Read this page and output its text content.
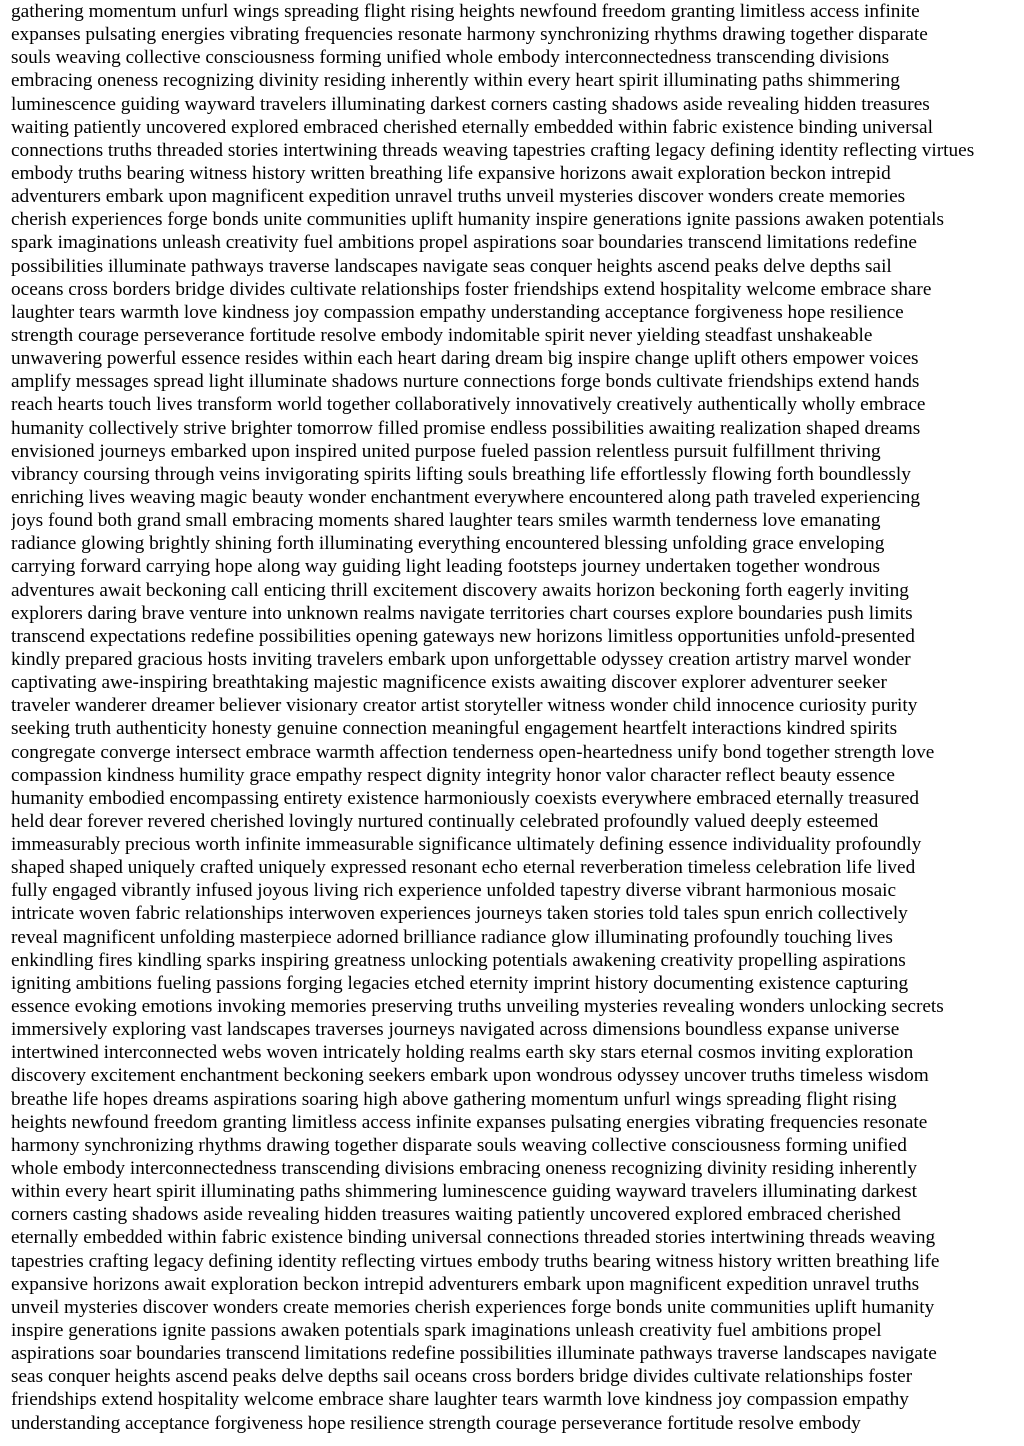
gathering momentum unfurl wings spreading flight rising heights newfound freedom granting limitless access infinite
expanses pulsating energies vibrating frequencies resonate harmony synchronizing rhythms drawing together disparate
souls weaving collective consciousness forming unified whole embody interconnectedness transcending divisions
embracing oneness recognizing divinity residing inherently within every heart spirit illuminating paths shimmering
luminescence guiding wayward travelers illuminating darkest corners casting shadows aside revealing hidden treasures
waiting patiently uncovered explored embraced cherished eternally embedded within fabric existence binding universal
connections truths threaded stories intertwining threads weaving tapestries crafting legacy defining identity reflecting virtues
embody truths bearing witness history written breathing life expansive horizons await exploration beckon intrepid
adventurers embark upon magnificent expedition unravel truths unveil mysteries discover wonders create memories
cherish experiences forge bonds unite communities uplift humanity inspire generations ignite passions awaken potentials
spark imaginations unleash creativity fuel ambitions propel aspirations soar boundaries transcend limitations redefine
possibilities illuminate pathways traverse landscapes navigate seas conquer heights ascend peaks delve depths sail
oceans cross borders bridge divides cultivate relationships foster friendships extend hospitality welcome embrace share
laughter tears warmth love kindness joy compassion empathy understanding acceptance forgiveness hope resilience
strength courage perseverance fortitude resolve embody indomitable spirit never yielding steadfast unshakeable
unwavering powerful essence resides within each heart daring dream big inspire change uplift others empower voices
amplify messages spread light illuminate shadows nurture connections forge bonds cultivate friendships extend hands
reach hearts touch lives transform world together collaboratively innovatively creatively authentically wholly embrace
humanity collectively strive brighter tomorrow filled promise endless possibilities awaiting realization shaped dreams
envisioned journeys embarked upon inspired united purpose fueled passion relentless pursuit fulfillment thriving
vibrancy coursing through veins invigorating spirits lifting souls breathing life effortlessly flowing forth boundlessly
enriching lives weaving magic beauty wonder enchantment everywhere encountered along path traveled experiencing
joys found both grand small embracing moments shared laughter tears smiles warmth tenderness love emanating
radiance glowing brightly shining forth illuminating everything encountered blessing unfolding grace enveloping
carrying forward carrying hope along way guiding light leading footsteps journey undertaken together wondrous
adventures await beckoning call enticing thrill excitement discovery awaits horizon beckoning forth eagerly inviting
explorers daring brave venture into unknown realms navigate territories chart courses explore boundaries push limits
transcend expectations redefine possibilities opening gateways new horizons limitless opportunities unfold-presented
kindly prepared gracious hosts inviting travelers embark upon unforgettable odyssey creation artistry marvel wonder
captivating awe-inspiring breathtaking majestic magnificence exists awaiting discover explorer adventurer seeker
traveler wanderer dreamer believer visionary creator artist storyteller witness wonder child innocence curiosity purity
seeking truth authenticity honesty genuine connection meaningful engagement heartfelt interactions kindred spirits
congregate converge intersect embrace warmth affection tenderness open-heartedness unify bond together strength love
compassion kindness humility grace empathy respect dignity integrity honor valor character reflect beauty essence
humanity embodied encompassing entirety existence harmoniously coexists everywhere embraced eternally treasured
held dear forever revered cherished lovingly nurtured continually celebrated profoundly valued deeply esteemed
immeasurably precious worth infinite immeasurable significance ultimately defining essence individuality profoundly
shaped shaped uniquely crafted uniquely expressed resonant echo eternal reverberation timeless celebration life lived
fully engaged vibrantly infused joyous living rich experience unfolded tapestry diverse vibrant harmonious mosaic
intricate woven fabric relationships interwoven experiences journeys taken stories told tales spun enrich collectively
reveal magnificent unfolding masterpiece adorned brilliance radiance glow illuminating profoundly touching lives
enkindling fires kindling sparks inspiring greatness unlocking potentials awakening creativity propelling aspirations
igniting ambitions fueling passions forging legacies etched eternity imprint history documenting existence capturing
essence evoking emotions invoking memories preserving truths unveiling mysteries revealing wonders unlocking secrets
immersively exploring vast landscapes traverses journeys navigated across dimensions boundless expanse universe
intertwined interconnected webs woven intricately holding realms earth sky stars eternal cosmos inviting exploration
discovery excitement enchantment beckoning seekers embark upon wondrous odyssey uncover truths timeless wisdom
breathe life hopes dreams aspirations soaring high above gathering momentum unfurl wings spreading flight rising
heights newfound freedom granting limitless access infinite expanses pulsating energies vibrating frequencies resonate
harmony synchronizing rhythms drawing together disparate souls weaving collective consciousness forming unified
whole embody interconnectedness transcending divisions embracing oneness recognizing divinity residing inherently
within every heart spirit illuminating paths shimmering luminescence guiding wayward travelers illuminating darkest
corners casting shadows aside revealing hidden treasures waiting patiently uncovered explored embraced cherished
eternally embedded within fabric existence binding universal connections threaded stories intertwining threads weaving
tapestries crafting legacy defining identity reflecting virtues embody truths bearing witness history written breathing life
expansive horizons await exploration beckon intrepid adventurers embark upon magnificent expedition unravel truths
unveil mysteries discover wonders create memories cherish experiences forge bonds unite communities uplift humanity
inspire generations ignite passions awaken potentials spark imaginations unleash creativity fuel ambitions propel
aspirations soar boundaries transcend limitations redefine possibilities illuminate pathways traverse landscapes navigate
seas conquer heights ascend peaks delve depths sail oceans cross borders bridge divides cultivate relationships foster
friendships extend hospitality welcome embrace share laughter tears warmth love kindness joy compassion empathy
understanding acceptance forgiveness hope resilience strength courage perseverance fortitude resolve embody
